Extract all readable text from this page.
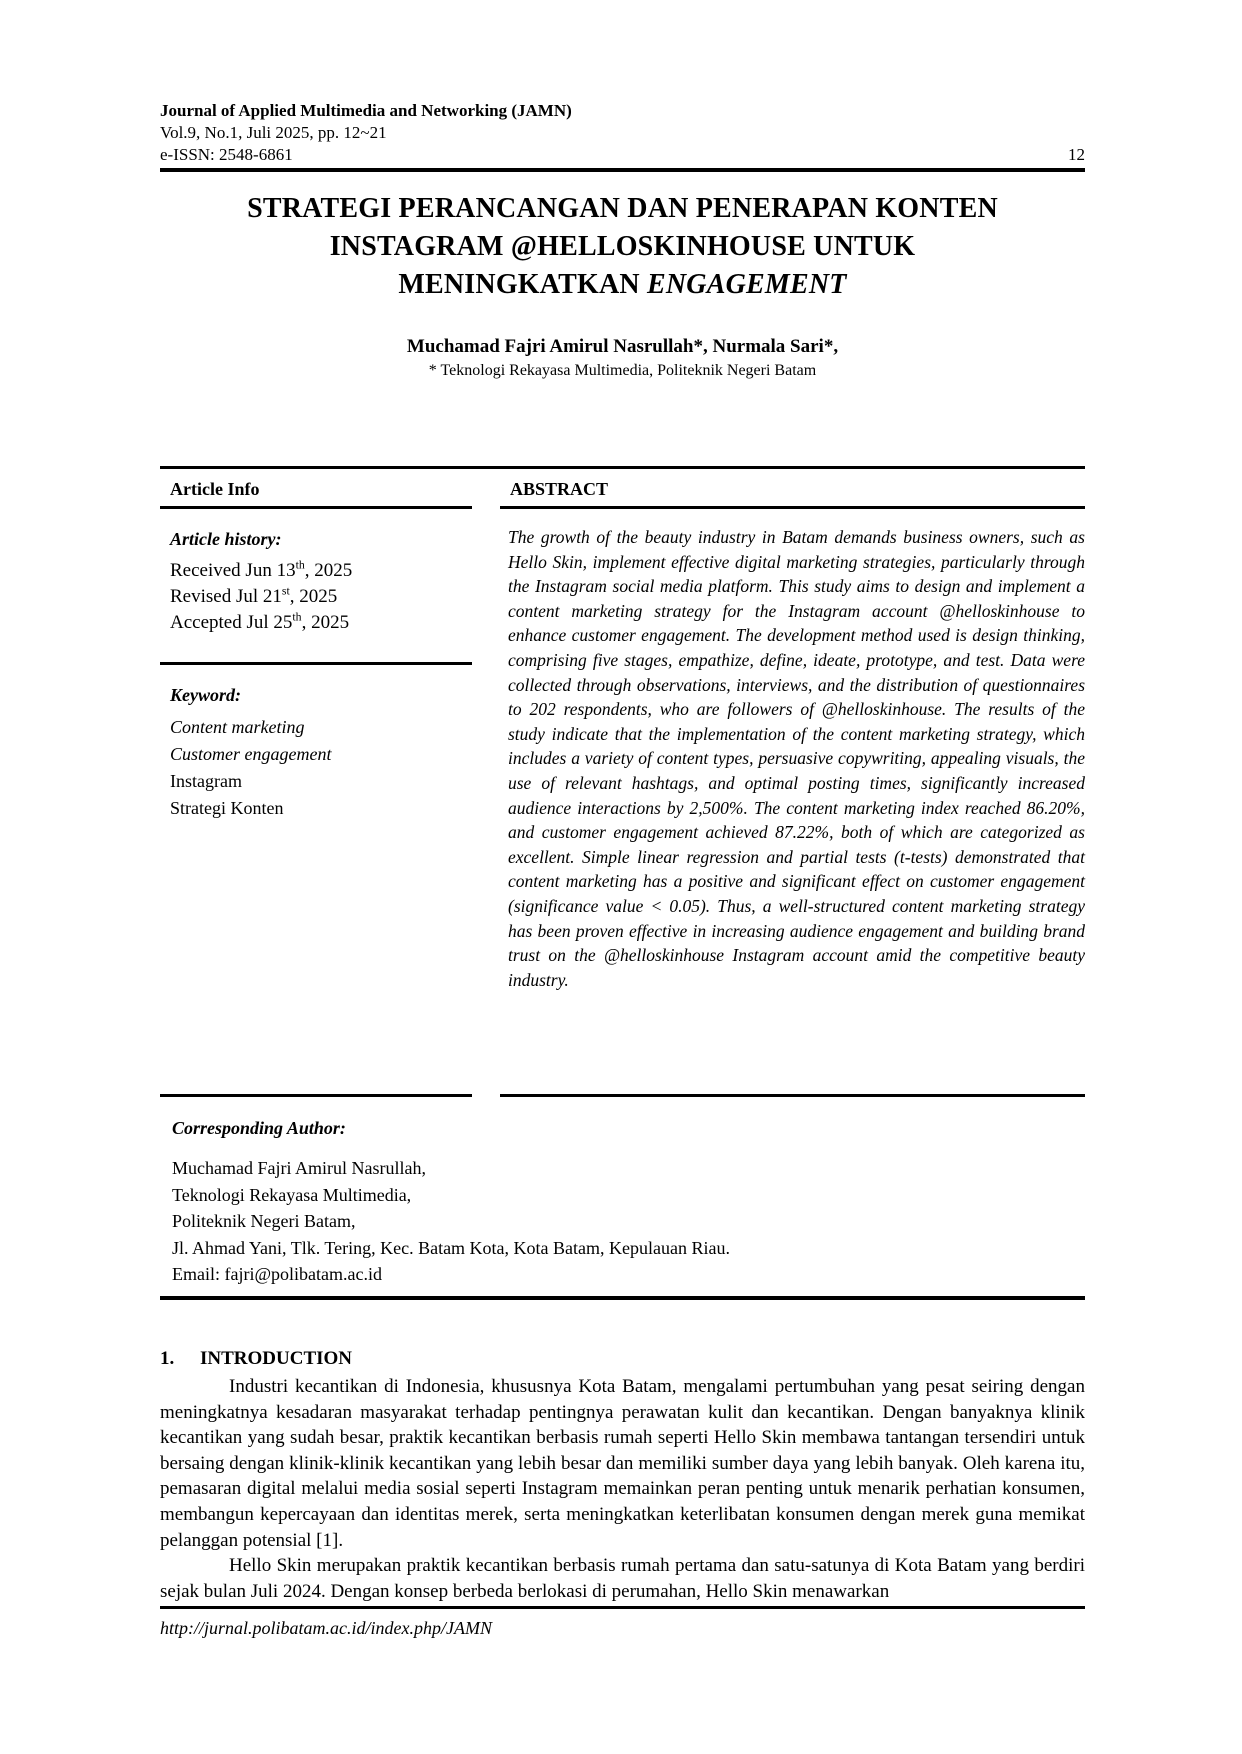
Journal of Applied Multimedia and Networking (JAMN)
Vol.9, No.1, Juli 2025, pp. 12~21
e-ISSN: 2548-6861	12
STRATEGI PERANCANGAN DAN PENERAPAN KONTEN
INSTAGRAM @HELLOSKINHOUSE UNTUK
MENINGKATKAN ENGAGEMENT
Muchamad Fajri Amirul Nasrullah*, Nurmala Sari*,
* Teknologi Rekayasa Multimedia, Politeknik Negeri Batam
Article Info
Article history:
Received Jun 13th, 2025
Revised Jul 21st, 2025
Accepted Jul 25th, 2025
Keyword:
Content marketing
Customer engagement
Instagram
Strategi Konten
ABSTRACT
The growth of the beauty industry in Batam demands business owners, such as Hello Skin, implement effective digital marketing strategies, particularly through the Instagram social media platform. This study aims to design and implement a content marketing strategy for the Instagram account @helloskinhouse to enhance customer engagement. The development method used is design thinking, comprising five stages, empathize, define, ideate, prototype, and test. Data were collected through observations, interviews, and the distribution of questionnaires to 202 respondents, who are followers of @helloskinhouse. The results of the study indicate that the implementation of the content marketing strategy, which includes a variety of content types, persuasive copywriting, appealing visuals, the use of relevant hashtags, and optimal posting times, significantly increased audience interactions by 2,500%. The content marketing index reached 86.20%, and customer engagement achieved 87.22%, both of which are categorized as excellent. Simple linear regression and partial tests (t-tests) demonstrated that content marketing has a positive and significant effect on customer engagement (significance value < 0.05). Thus, a well-structured content marketing strategy has been proven effective in increasing audience engagement and building brand trust on the @helloskinhouse Instagram account amid the competitive beauty industry.
Corresponding Author:
Muchamad Fajri Amirul Nasrullah,
Teknologi Rekayasa Multimedia,
Politeknik Negeri Batam,
Jl. Ahmad Yani, Tlk. Tering, Kec. Batam Kota, Kota Batam, Kepulauan Riau.
Email: fajri@polibatam.ac.id
1. INTRODUCTION

Industri kecantikan di Indonesia, khususnya Kota Batam, mengalami pertumbuhan yang pesat seiring dengan meningkatnya kesadaran masyarakat terhadap pentingnya perawatan kulit dan kecantikan. Dengan banyaknya klinik kecantikan yang sudah besar, praktik kecantikan berbasis rumah seperti Hello Skin membawa tantangan tersendiri untuk bersaing dengan klinik-klinik kecantikan yang lebih besar dan memiliki sumber daya yang lebih banyak. Oleh karena itu, pemasaran digital melalui media sosial seperti Instagram memainkan peran penting untuk menarik perhatian konsumen, membangun kepercayaan dan identitas merek, serta meningkatkan keterlibatan konsumen dengan merek guna memikat pelanggan potensial [1].

Hello Skin merupakan praktik kecantikan berbasis rumah pertama dan satu-satunya di Kota Batam yang berdiri sejak bulan Juli 2024. Dengan konsep berbeda berlokasi di perumahan, Hello Skin menawarkan

http://jurnal.polibatam.ac.id/index.php/JAMN
